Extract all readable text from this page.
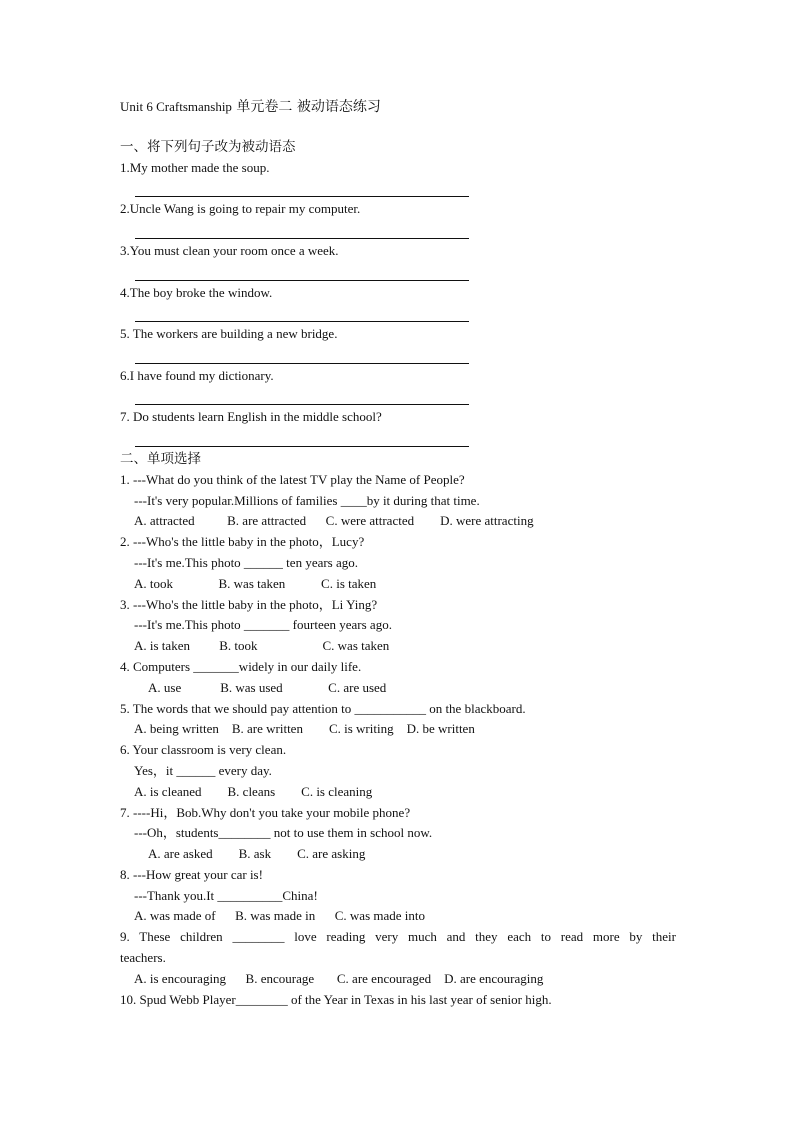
Unit 6 Craftsmanship 单元卷二 被动语态练习
一、将下列句子改为被动语态
1.My mother made the soup.
2.Uncle Wang is going to repair my computer.
3.You must clean your room once a week.
4.The boy broke the window.
5. The workers are building a new bridge.
6.I have found my dictionary.
7. Do students learn English in the middle school?
二、单项选择
1. ---What do you think of the latest TV play the Name of People?
---It's very popular.Millions of families ____by it during that time.
A. attracted          B. are attracted      C. were attracted        D. were attracting
2. ---Who's the little baby in the photo，Lucy?
---It's me.This photo ______ ten years ago.
A. took              B. was taken           C. is taken
3. ---Who's the little baby in the photo，Li Ying?
---It's me.This photo _______ fourteen years ago.
A. is taken         B. took                    C. was taken
4. Computers _______widely in our daily life.
A. use            B. was used              C. are used
5. The words that we should pay attention to ___________ on the blackboard.
A. being written    B. are written        C. is writing    D. be written
6. Your classroom is very clean.
Yes，it ______ every day.
A. is cleaned        B. cleans        C. is cleaning
7. ----Hi，Bob.Why don't you take your mobile phone?
---Oh，students________ not to use them in school now.
A. are asked        B. ask        C. are asking
8. ---How great your car is!
---Thank you.It __________China!
A. was made of      B. was made in      C. was made into
9. These children ________ love reading very much and they each to read more by their
teachers.
A. is encouraging      B. encourage       C. are encouraged    D. are encouraging
10. Spud Webb Player________ of the Year in Texas in his last year of senior high.
